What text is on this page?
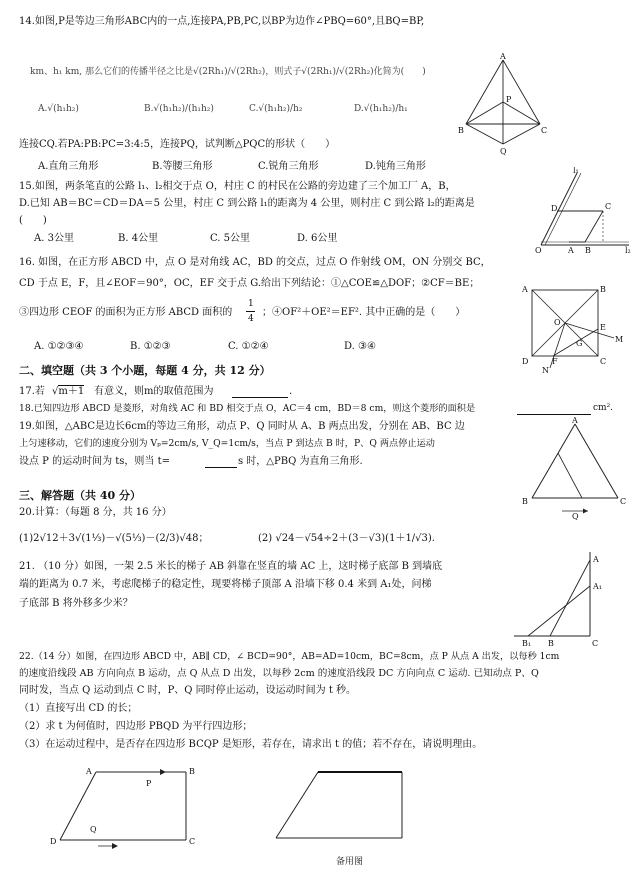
14.如图,P是等边三角形ABC内的一点,连接PA,PB,PC,以BP为边作∠PBQ=60°,且BQ=BP,
km、h₁ km, 那么它们的传播半径之比是√(2Rh₁)/√(2Rh₂)，则式子√(2Rh₁)/√(2Rh₂)化简为(　　)
A.√(h₁h₂)	B.√(h₁h₂)/(h₁h₂)	C.√(h₁h₂)/h₂	D.√(h₁h₂)/h₁
A
P
B	C
Q
连接CQ.若PA:PB:PC=3:4:5，连接PQ，试判断△PQC的形状（　　）
A.直角三角形	B.等腰三角形	C.锐角三角形	D.钝角三角形
15.如图，两条笔直的公路 l₁、l₂相交于点 O，村庄 C 的村民在公路的旁边建了三个加工厂 A，B，
D.已知 AB＝BC＝CD＝DA＝5 公里，村庄 C 到公路 l₁的距离为 4 公里，则村庄 C 到公路 l₂的距离是
(　　)
A. 3公里	B. 4公里	C. 5公里	D. 6公里
l₁
l₂
O
D	C
A B
16. 如图，在正方形 ABCD 中，点 O 是对角线 AC，BD 的交点，过点 O 作射线 OM，ON 分别交 BC，
CD 于点 E，F，且∠EOF＝90°，OC，EF 交于点 G.给出下列结论：①△COE≌△DOF；②CF＝BE；
③四边形 CEOF 的面积为正方形 ABCD 面积的
1
4
；④OF²＋OE²＝EF². 其中正确的是（　　）
A. ①②③④	B. ①②③	C. ①②④	D. ③④
A	B
D	C
O
E
F
G	M
N
二、填空题（共 3 个小题，每题 4 分，共 12 分）
17.若 √m＋1 有意义，则m的取值范围为	.
18.已知四边形 ABCD 是菱形，对角线 AC 和 BD 相交于点 O，AC＝4 cm，BD＝8 cm，则这个菱形的面积是	cm².
19.如图，△ABC是边长6cm的等边三角形，动点 P、Q 同时从 A、B 两点出发，分别在 AB、BC 边
上匀速移动，它们的速度分别为 Vₚ=2cm/s, V_Q=1cm/s，当点 P 到达点 B 时，P、Q 两点停止运动
设点 P 的运动时间为 ts，则当 t=	s 时，△PBQ 为直角三角形.
A
B	C
Q
三、解答题（共 40 分）
20.计算：（每题 8 分，共 16 分）
(1)2√12＋3√(1⅓)－√(5⅓)－(2/3)√48；	(2) √24－√54÷2＋(3－√3)(1＋1/√3).
21. （10 分）如图，一架 2.5 米长的梯子 AB 斜靠在竖直的墙 AC 上，这时梯子底部 B 到墙底
端的距离为 0.7 米，考虑爬梯子的稳定性，现要将梯子顶部 A 沿墙下移 0.4 米到 A₁处，问梯
子底部 B 将外移多少米？
A
A₁
B₁ B	C
22.（14 分）如图，在四边形 ABCD 中，AB∥ CD，∠ BCD=90°，AB=AD=10cm，BC=8cm，点 P 从点 A 出发，以每秒 1cm
的速度沿线段 AB 方向向点 B 运动，点 Q 从点 D 出发，以每秒 2cm 的速度沿线段 DC 方向向点 C 运动. 已知动点 P、Q
同时发，当点 Q 运动到点 C 时，P、Q 同时停止运动，设运动时间为 t 秒。
（1）直接写出 CD 的长；
（2）求 t 为何值时，四边形 PBQD 为平行四边形；
（3）在运动过程中，是否存在四边形 BCQP 是矩形，若存在，请求出 t 的值；若不存在，请说明理由。
A	B
P
Q
D	C
备用图
